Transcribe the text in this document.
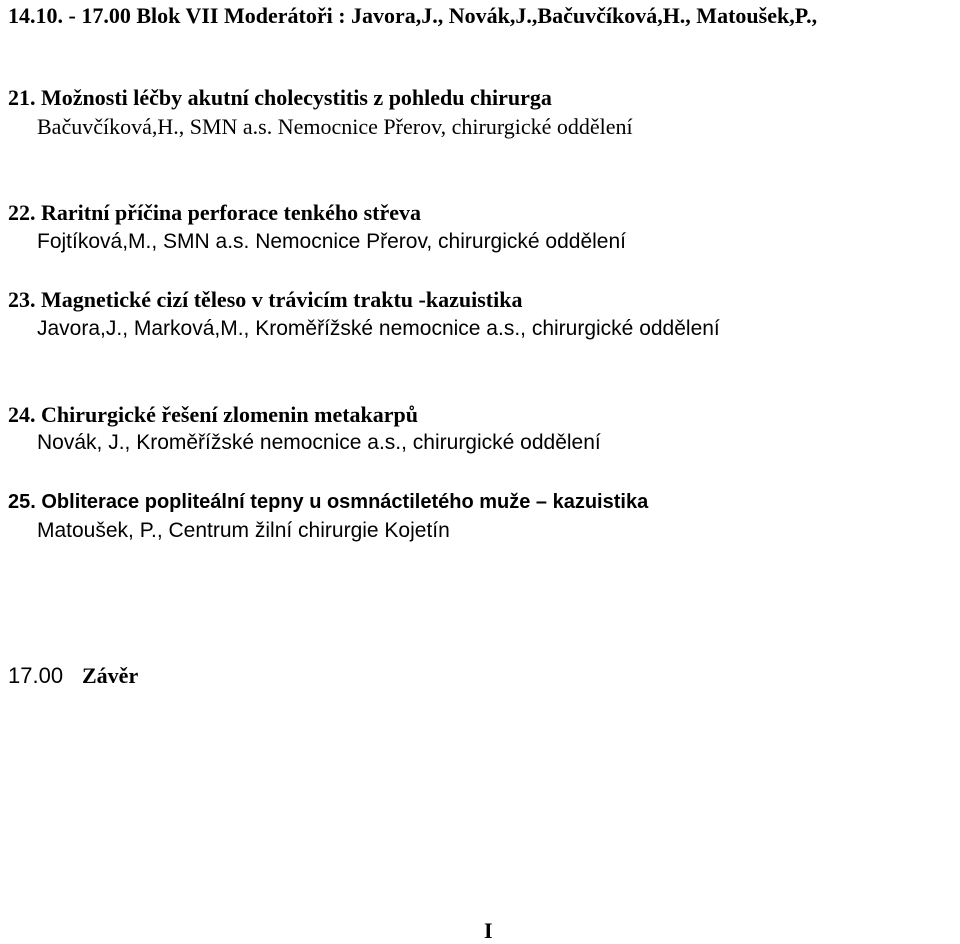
14.10. - 17.00 Blok VII Moderátoři : Javora,J., Novák,J.,Bačuvčíková,H., Matoušek,P.,
21. Možnosti léčby akutní cholecystitis z pohledu chirurga
Bačuvčíková,H., SMN a.s. Nemocnice Přerov, chirurgické oddělení
22. Raritní příčina perforace tenkého střeva
Fojtíková,M., SMN a.s. Nemocnice Přerov, chirurgické oddělení
23. Magnetické cizí těleso v trávicím traktu -kazuistika
Javora,J., Marková,M., Kroměřížské nemocnice a.s., chirurgické oddělení
24. Chirurgické řešení zlomenin metakarpů
Novák, J., Kroměřížské nemocnice a.s., chirurgické oddělení
25. Obliterace popliteální tepny u osmnáctiletého muže – kazuistika
Matoušek, P., Centrum žilní chirurgie Kojetín
17.00 Závěr
I
